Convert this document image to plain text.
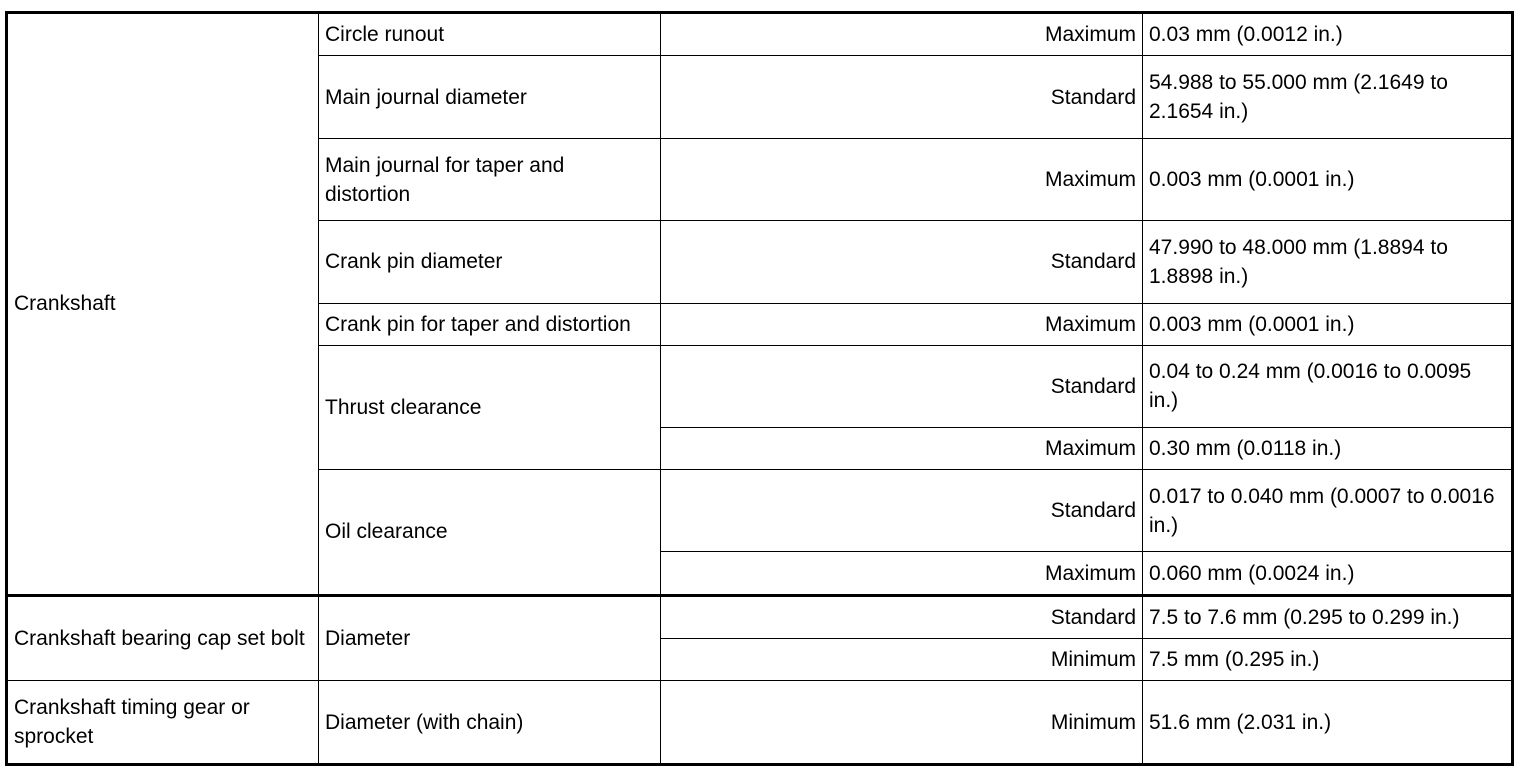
Crankshaft	Circle runout	Maximum	0.03 mm (0.0012 in.)
	Main journal diameter	Standard	54.988 to 55.000 mm (2.1649 to 2.1654 in.)
	Main journal for taper and distortion	Maximum	0.003 mm (0.0001 in.)
	Crank pin diameter	Standard	47.990 to 48.000 mm (1.8894 to 1.8898 in.)
	Crank pin for taper and distortion	Maximum	0.003 mm (0.0001 in.)
	Thrust clearance	Standard	0.04 to 0.24 mm (0.0016 to 0.0095 in.)
		Maximum	0.30 mm (0.0118 in.)
	Oil clearance	Standard	0.017 to 0.040 mm (0.0007 to 0.0016 in.)
		Maximum	0.060 mm (0.0024 in.)
Crankshaft bearing cap set bolt	Diameter	Standard	7.5 to 7.6 mm (0.295 to 0.299 in.)
		Minimum	7.5 mm (0.295 in.)
Crankshaft timing gear or sprocket	Diameter (with chain)	Minimum	51.6 mm (2.031 in.)
